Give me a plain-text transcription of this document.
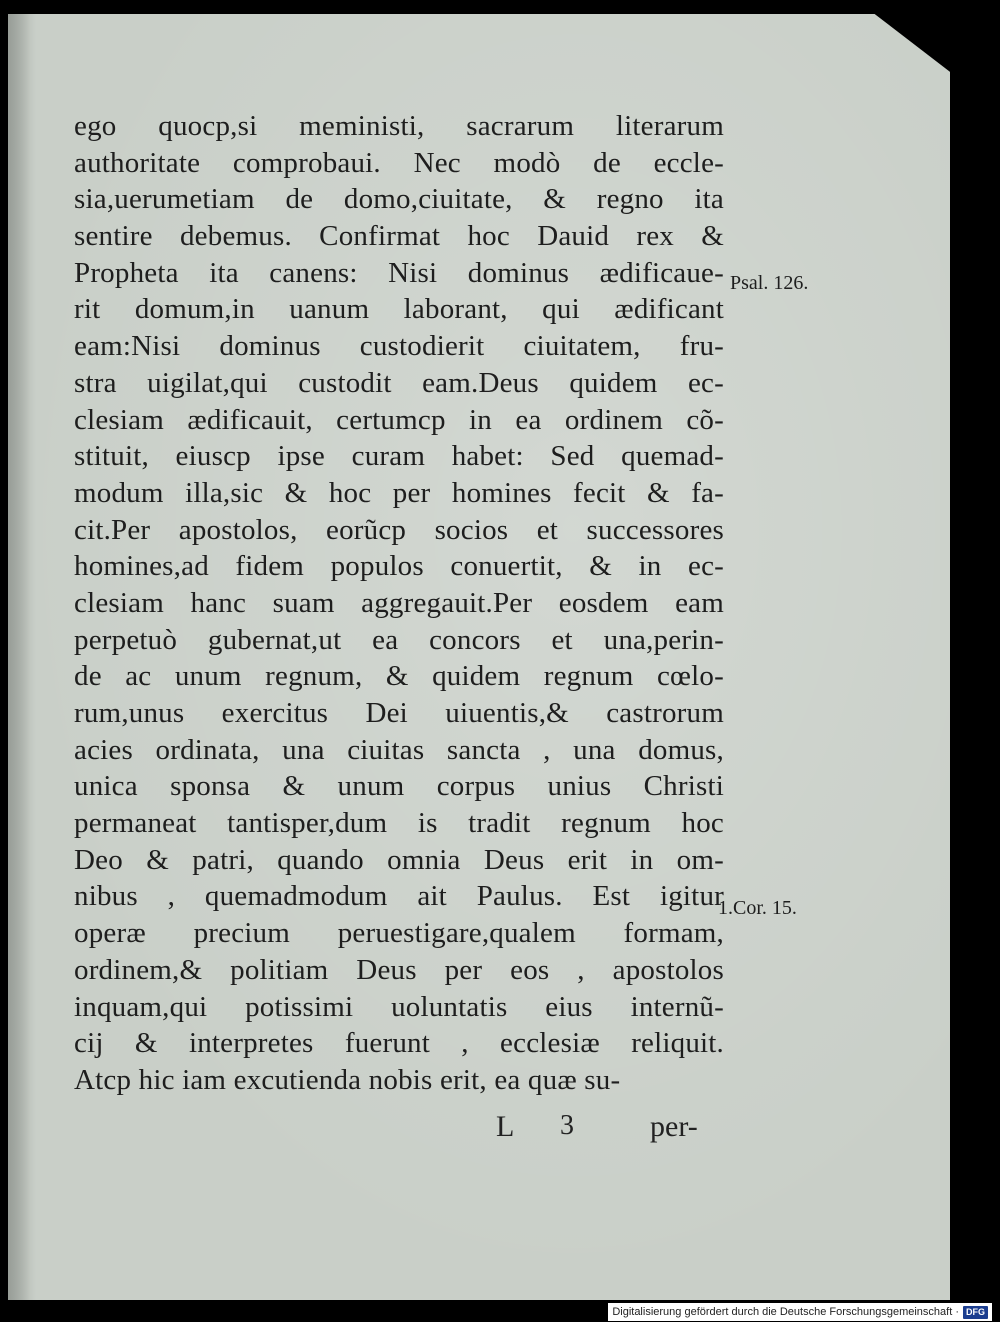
ego quocp,si meministi, sacrarum literarum
authoritate comprobaui. Nec modò de eccle-
sia,uerumetiam de domo,ciuitate, & regno ita
sentire debemus. Confirmat hoc Dauid rex &
Propheta ita canens: Nisi dominus ædificaue-
rit domum,in uanum laborant, qui ædificant
eam:Nisi dominus custodierit ciuitatem, fru-
stra uigilat,qui custodit eam.Deus quidem ec-
clesiam ædificauit, certumcp in ea ordinem cõ-
stituit, eiuscp ipse curam habet: Sed quemad-
modum illa,sic & hoc per homines fecit & fa-
cit.Per apostolos, eorũcp socios et successores
homines,ad fidem populos conuertit, & in ec-
clesiam hanc suam aggregauit.Per eosdem eam
perpetuò gubernat,ut ea concors et una,perin-
de ac unum regnum, & quidem regnum cœlo-
rum,unus exercitus Dei uiuentis,& castrorum
acies ordinata, una ciuitas sancta , una domus,
unica sponsa & unum corpus unius Christi
permaneat tantisper,dum is tradit regnum hoc
Deo & patri, quando omnia Deus erit in om-
nibus , quemadmodum ait Paulus. Est igitur
operæ precium peruestigare,qualem formam,
ordinem,& politiam Deus per eos , apostolos
inquam,qui potissimi uoluntatis eius internũ-
cij & interpretes fuerunt , ecclesiæ reliquit.
Atcp hic iam excutienda nobis erit, ea quæ su-
Psal. 126.
1.Cor. 15.
L 3	per-
Digitalisierung gefördert durch die Deutsche Forschungsgemeinschaft · DFG
